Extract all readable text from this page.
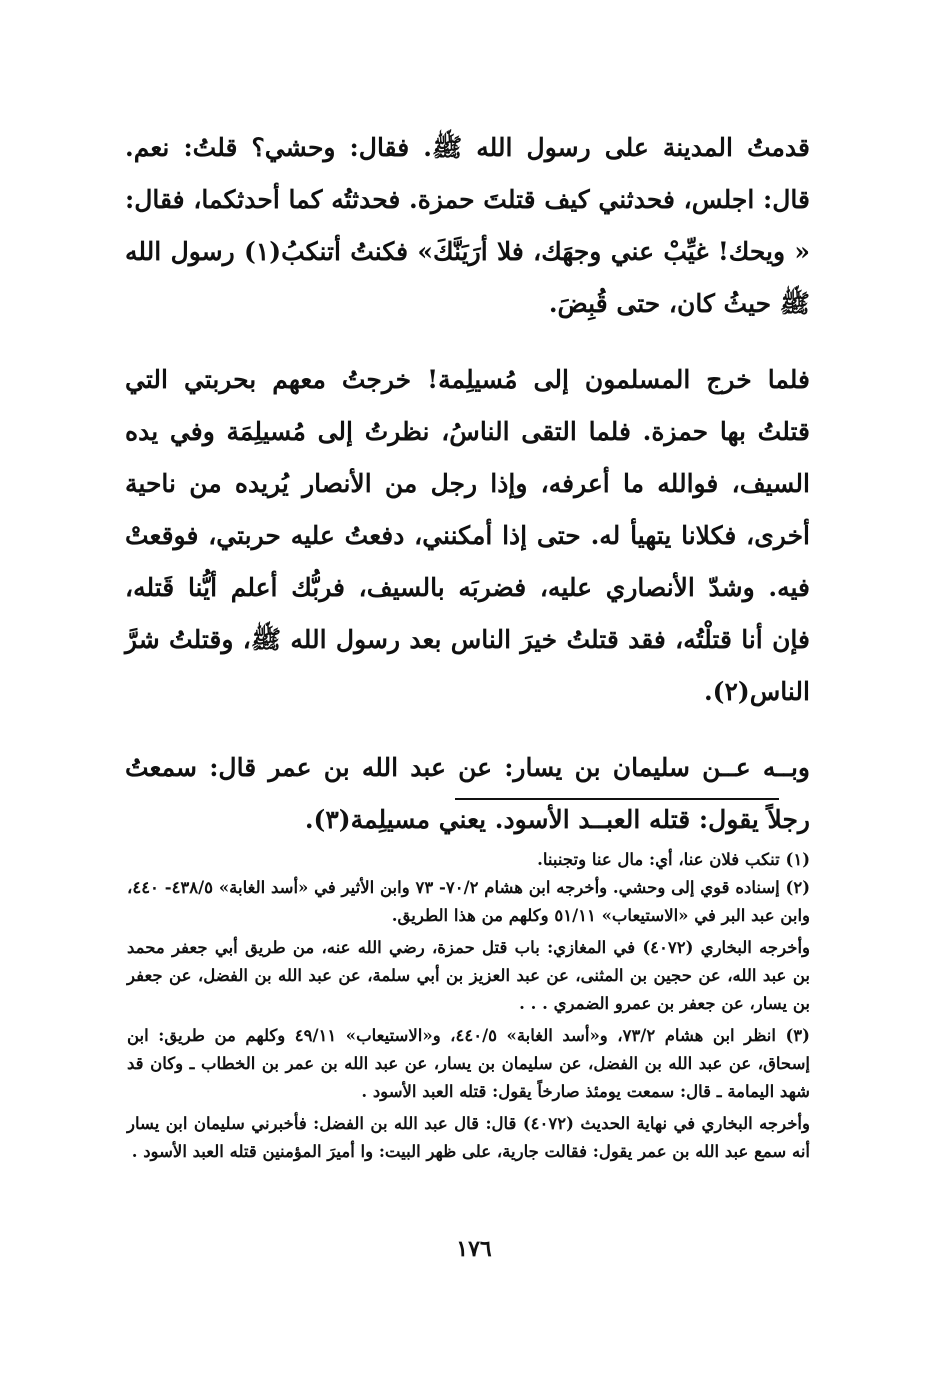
قدمتُ المدينة على رسول الله ﷺ. فقال: وحشي؟ قلتُ: نعم. قال: اجلس، فحدثني كيف قتلتَ حمزة. فحدثتُه كما أحدثكما، فقال: « ويحك! غيِّبْ عني وجهَك، فلا أرَيَنَّكَ» فكنتُ أتنكبُ(١) رسول الله ﷺ حيثُ كان، حتى قُبِضَ.

فلما خرج المسلمون إلى مُسيلِمة! خرجتُ معهم بحربتي التي قتلتُ بها حمزة. فلما التقى الناسُ، نظرتُ إلى مُسيلِمَة وفي يده السيف، فوالله ما أعرفه، وإذا رجل من الأنصار يُريده من ناحية أخرى، فكلانا يتهيأ له. حتى إذا أمكنني، دفعتُ عليه حربتي، فوقعتْ فيه. وشدّ الأنصاري عليه، فضربَه بالسيف، فربُّك أعلم أيُّنا قَتله، فإن أنا قتلْتُه، فقد قتلتُ خيرَ الناس بعد رسول الله ﷺ، وقتلتُ شرَّ الناس(٢).

وبــه عــن سليمان بن يسار: عن عبد الله بن عمر قال: سمعتُ رجلاً يقول: قتله العبــد الأسود. يعني مسيلِمة(٣).

(١) تنكب فلان عنا، أي: مال عنا وتجنبنا.

(٢) إسناده قوي إلى وحشي. وأخرجه ابن هشام ٧٠/٢- ٧٣ وابن الأثير في «أسد الغابة» ٤٣٨/٥- ٤٤٠، وابن عبد البر في «الاستيعاب» ٥١/١١ وكلهم من هذا الطريق.

وأخرجه البخاري (٤٠٧٢) في المغازي: باب قتل حمزة، رضي الله عنه، من طريق أبي جعفر محمد بن عبد الله، عن حجين بن المثنى، عن عبد العزيز بن أبي سلمة، عن عبد الله بن الفضل، عن جعفر بن يسار، عن جعفر بن عمرو الضمري . . .

(٣) انظر ابن هشام ٧٣/٢، و«أسد الغابة» ٤٤٠/٥، و«الاستيعاب» ٤٩/١١ وكلهم من طريق: ابن إسحاق، عن عبد الله بن الفضل، عن سليمان بن يسار، عن عبد الله بن عمر بن الخطاب ـ وكان قد شهد اليمامة ـ قال: سمعت يومئذ صارخاً يقول: قتله العبد الأسود .

وأخرجه البخاري في نهاية الحديث (٤٠٧٢) قال: قال عبد الله بن الفضل: فأخبرني سليمان ابن يسار أنه سمع عبد الله بن عمر يقول: فقالت جارية، على ظهر البيت: وا أميرَ المؤمنين قتله العبد الأسود .

١٧٦
